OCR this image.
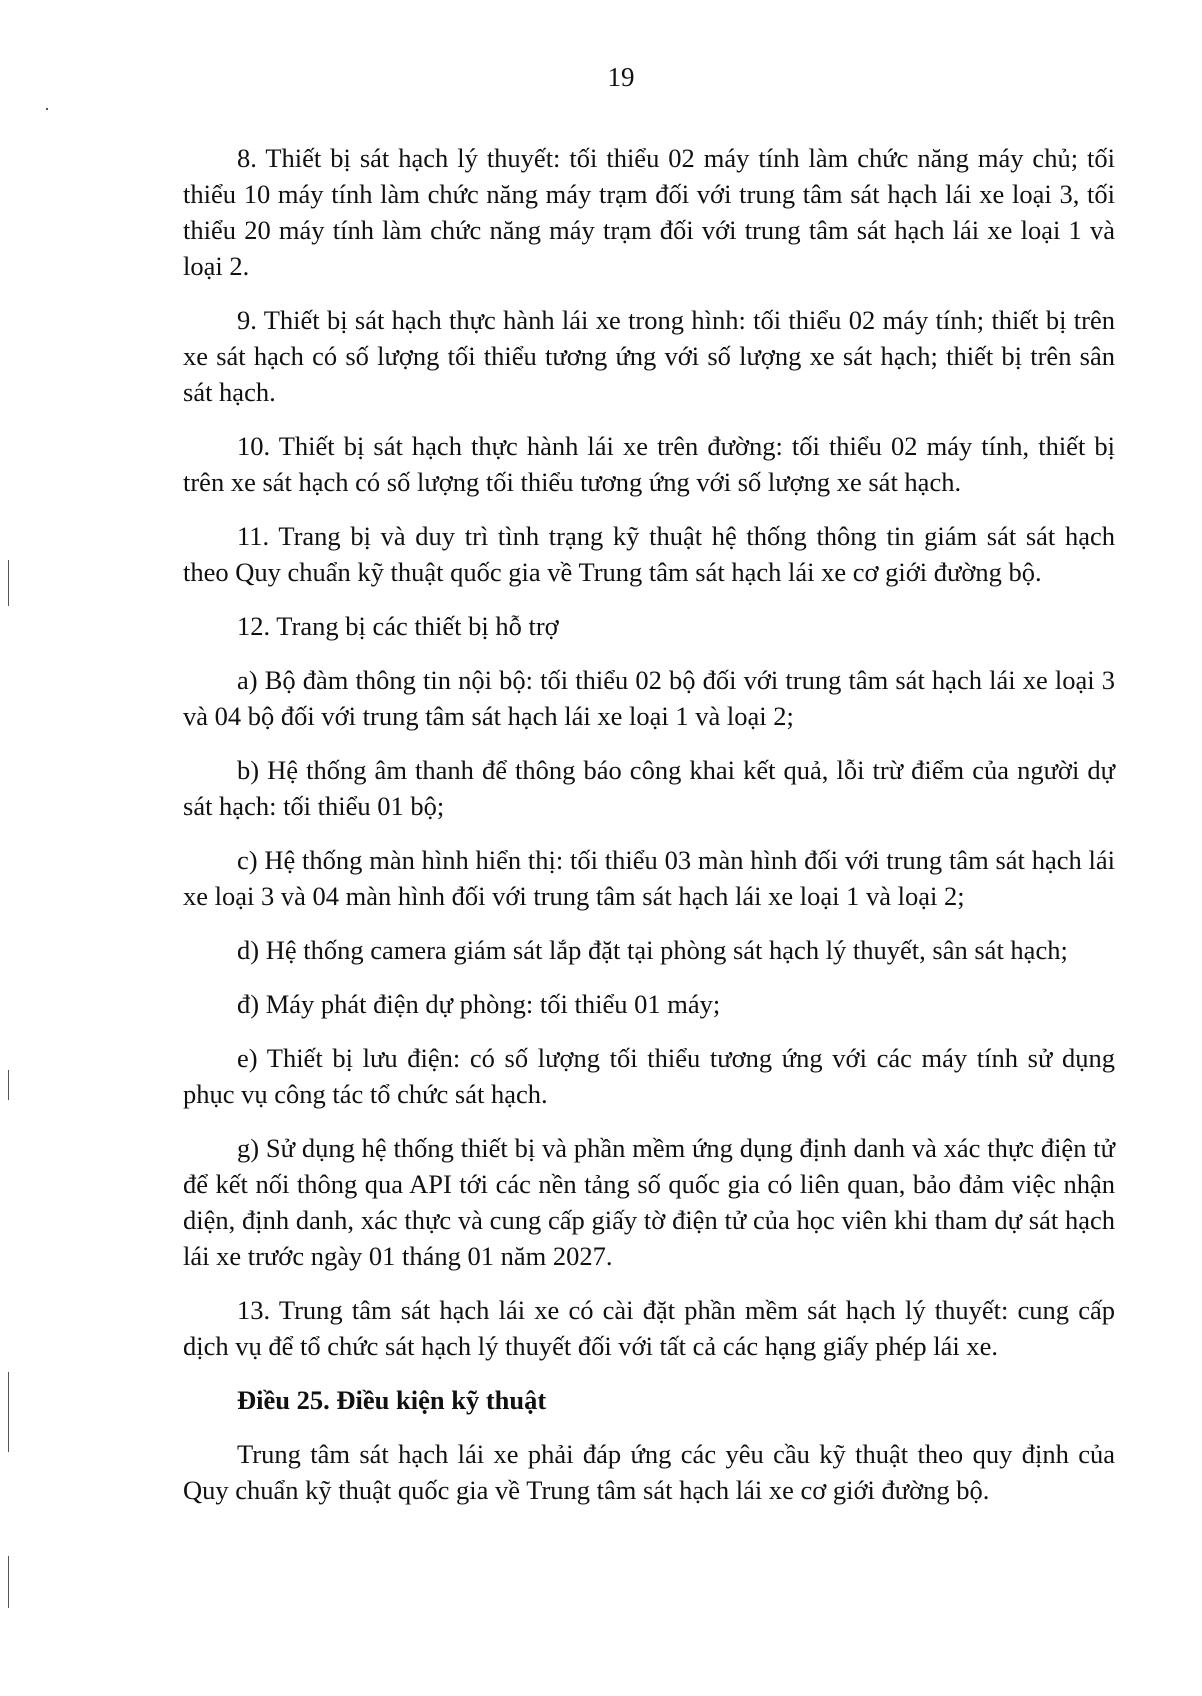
19

8. Thiết bị sát hạch lý thuyết: tối thiểu 02 máy tính làm chức năng máy chủ; tối thiểu 10 máy tính làm chức năng máy trạm đối với trung tâm sát hạch lái xe loại 3, tối thiểu 20 máy tính làm chức năng máy trạm đối với trung tâm sát hạch lái xe loại 1 và loại 2.

9. Thiết bị sát hạch thực hành lái xe trong hình: tối thiểu 02 máy tính; thiết bị trên xe sát hạch có số lượng tối thiểu tương ứng với số lượng xe sát hạch; thiết bị trên sân sát hạch.

10. Thiết bị sát hạch thực hành lái xe trên đường: tối thiểu 02 máy tính, thiết bị trên xe sát hạch có số lượng tối thiểu tương ứng với số lượng xe sát hạch.

11. Trang bị và duy trì tình trạng kỹ thuật hệ thống thông tin giám sát sát hạch theo Quy chuẩn kỹ thuật quốc gia về Trung tâm sát hạch lái xe cơ giới đường bộ.

12. Trang bị các thiết bị hỗ trợ

a) Bộ đàm thông tin nội bộ: tối thiểu 02 bộ đối với trung tâm sát hạch lái xe loại 3 và 04 bộ đối với trung tâm sát hạch lái xe loại 1 và loại 2;

b) Hệ thống âm thanh để thông báo công khai kết quả, lỗi trừ điểm của người dự sát hạch: tối thiểu 01 bộ;

c) Hệ thống màn hình hiển thị: tối thiểu 03 màn hình đối với trung tâm sát hạch lái xe loại 3 và 04 màn hình đối với trung tâm sát hạch lái xe loại 1 và loại 2;

d) Hệ thống camera giám sát lắp đặt tại phòng sát hạch lý thuyết, sân sát hạch;

đ) Máy phát điện dự phòng: tối thiểu 01 máy;

e) Thiết bị lưu điện: có số lượng tối thiểu tương ứng với các máy tính sử dụng phục vụ công tác tổ chức sát hạch.

g) Sử dụng hệ thống thiết bị và phần mềm ứng dụng định danh và xác thực điện tử để kết nối thông qua API tới các nền tảng số quốc gia có liên quan, bảo đảm việc nhận diện, định danh, xác thực và cung cấp giấy tờ điện tử của học viên khi tham dự sát hạch lái xe trước ngày 01 tháng 01 năm 2027.

13. Trung tâm sát hạch lái xe có cài đặt phần mềm sát hạch lý thuyết: cung cấp dịch vụ để tổ chức sát hạch lý thuyết đối với tất cả các hạng giấy phép lái xe.

Điều 25. Điều kiện kỹ thuật

Trung tâm sát hạch lái xe phải đáp ứng các yêu cầu kỹ thuật theo quy định của Quy chuẩn kỹ thuật quốc gia về Trung tâm sát hạch lái xe cơ giới đường bộ.
